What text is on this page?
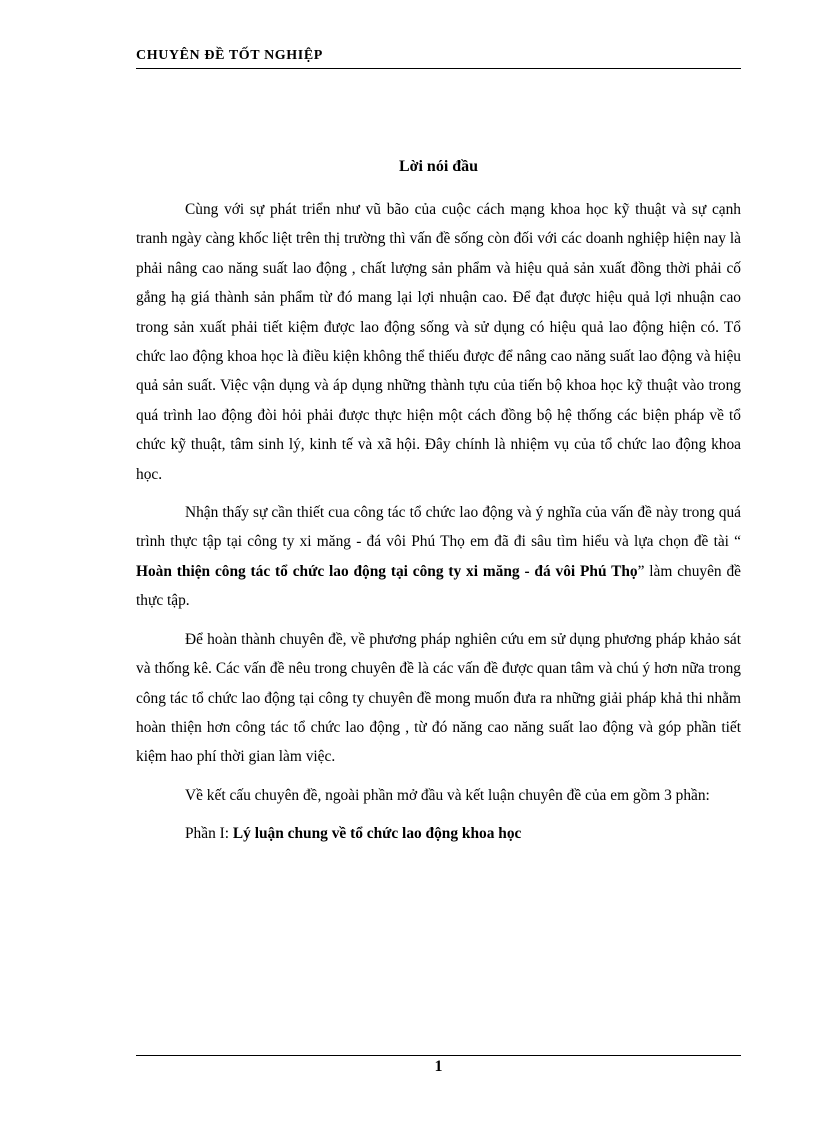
CHUYÊN ĐỀ TỐT NGHIỆP
Lời nói đầu

Cùng với sự phát triển như vũ bão của cuộc cách mạng khoa học kỹ thuật và sự cạnh tranh ngày càng khốc liệt trên thị trường thì vấn đề sống còn đối với các doanh nghiệp hiện nay là phải nâng cao năng suất lao động , chất lượng sản phẩm và hiệu quả sản xuất đồng thời phải cố gắng hạ giá thành sản phẩm từ đó mang lại lợi nhuận cao. Để đạt được hiệu quả lợi nhuận cao trong sản xuất phải tiết kiệm được lao động sống và sử dụng có hiệu quả lao động hiện có. Tổ chức lao động khoa học là điều kiện không thể thiếu được để nâng cao năng suất lao động và hiệu quả sản suất. Việc vận dụng và áp dụng những thành tựu của tiến bộ khoa học kỹ thuật vào trong quá trình lao động đòi hỏi phải được thực hiện một cách đồng bộ hệ thống các biện pháp về tổ chức kỹ thuật, tâm sinh lý, kinh tế và xã hội. Đây chính là nhiệm vụ của tổ chức lao động khoa học.

Nhận thấy sự cần thiết cua công tác tổ chức lao động và ý nghĩa của vấn đề này trong quá trình thực tập tại công ty xi măng - đá vôi Phú Thọ em đã đi sâu tìm hiểu và lựa chọn đề tài “ Hoàn thiện công tác tổ chức lao động tại công ty xi măng - đá vôi Phú Thọ” làm chuyên đề thực tập.

Để hoàn thành chuyên đề, về phương pháp nghiên cứu em sử dụng phương pháp khảo sát và thống kê. Các vấn đề nêu trong chuyên đề là các vấn đề được quan tâm và chú ý hơn nữa trong công tác tổ chức lao động tại công ty chuyên đề mong muốn đưa ra những giải pháp khả thi nhằm hoàn thiện hơn công tác tổ chức lao động , từ đó năng cao năng suất lao động và góp phần tiết kiệm hao phí thời gian làm việc.

Về kết cấu chuyên đề, ngoài phần mở đầu và kết luận chuyên đề của em gồm 3 phần:

Phần I: Lý luận chung về tổ chức lao động khoa học

1
